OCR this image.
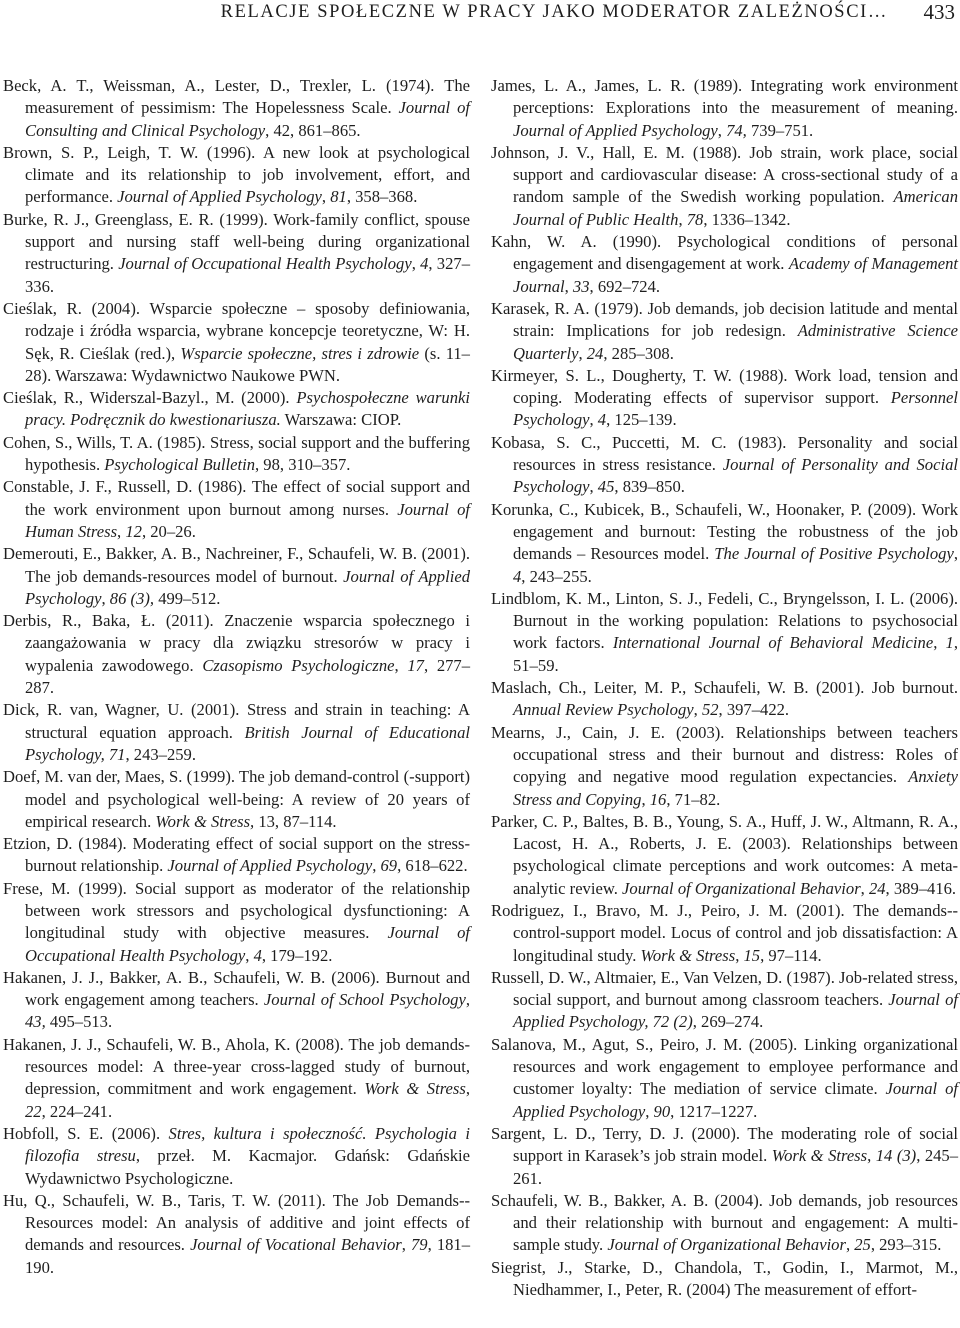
RELACJE SPOŁECZNE W PRACY JAKO MODERATOR ZALEŻNOŚCI… 433

Beck, A. T., Weissman, A., Lester, D., Trexler, L. (1974). The measurement of pessimism: The Hopelessness Scale. Journal of Consulting and Clinical Psychology, 42, 861–865.

Brown, S. P., Leigh, T. W. (1996). A new look at psychological climate and its relationship to job involvement, effort, and performance. Journal of Applied Psychology, 81, 358–368.

Burke, R. J., Greenglass, E. R. (1999). Work-family conflict, spouse support and nursing staff well-being during organizational restructuring. Journal of Occupational Health Psychology, 4, 327–336.

Cieślak, R. (2004). Wsparcie społeczne – sposoby definiowania, rodzaje i źródła wsparcia, wybrane koncepcje teoretyczne, W: H. Sęk, R. Cieślak (red.), Wsparcie społeczne, stres i zdrowie (s. 11–28). Warszawa: Wydawnictwo Naukowe PWN.

Cieślak, R., Widerszal-Bazyl., M. (2000). Psychospołeczne warunki pracy. Podręcznik do kwestionariusza. Warszawa: CIOP.

Cohen, S., Wills, T. A. (1985). Stress, social support and the buffering hypothesis. Psychological Bulletin, 98, 310–357.

Constable, J. F., Russell, D. (1986). The effect of social support and the work environment upon burnout among nurses. Journal of Human Stress, 12, 20–26.

Demerouti, E., Bakker, A. B., Nachreiner, F., Schaufeli, W. B. (2001). The job demands-resources model of burnout. Journal of Applied Psychology, 86 (3), 499–512.

Derbis, R., Baka, Ł. (2011). Znaczenie wsparcia społecznego i zaangażowania w pracy dla związku stresorów w pracy i wypalenia zawodowego. Czasopismo Psychologiczne, 17, 277–287.

Dick, R. van, Wagner, U. (2001). Stress and strain in teaching: A structural equation approach. British Journal of Educational Psychology, 71, 243–259.

Doef, M. van der, Maes, S. (1999). The job demand-control (-support) model and psychological well-being: A review of 20 years of empirical research. Work & Stress, 13, 87–114.

Etzion, D. (1984). Moderating effect of social support on the stress-burnout relationship. Journal of Applied Psychology, 69, 618–622.

Frese, M. (1999). Social support as moderator of the relationship between work stressors and psychological dysfunctioning: A longitudinal study with objective measures. Journal of Occupational Health Psychology, 4, 179–192.

Hakanen, J. J., Bakker, A. B., Schaufeli, W. B. (2006). Burnout and work engagement among teachers. Journal of School Psychology, 43, 495–513.

Hakanen, J. J., Schaufeli, W. B., Ahola, K. (2008). The job demands-resources model: A three-year cross-lagged study of burnout, depression, commitment and work engagement. Work & Stress, 22, 224–241.

Hobfoll, S. E. (2006). Stres, kultura i społeczność. Psychologia i filozofia stresu, przeł. M. Kacmajor. Gdańsk: Gdańskie Wydawnictwo Psychologiczne.

Hu, Q., Schaufeli, W. B., Taris, T. W. (2011). The Job Demands--Resources model: An analysis of additive and joint effects of demands and resources. Journal of Vocational Behavior, 79, 181–190.

James, L. A., James, L. R. (1989). Integrating work environment perceptions: Explorations into the measurement of meaning. Journal of Applied Psychology, 74, 739–751.

Johnson, J. V., Hall, E. M. (1988). Job strain, work place, social support and cardiovascular disease: A cross-sectional study of a random sample of the Swedish working population. American Journal of Public Health, 78, 1336–1342.

Kahn, W. A. (1990). Psychological conditions of personal engagement and disengagement at work. Academy of Management Journal, 33, 692–724.

Karasek, R. A. (1979). Job demands, job decision latitude and mental strain: Implications for job redesign. Administrative Science Quarterly, 24, 285–308.

Kirmeyer, S. L., Dougherty, T. W. (1988). Work load, tension and coping. Moderating effects of supervisor support. Personnel Psychology, 4, 125–139.

Kobasa, S. C., Puccetti, M. C. (1983). Personality and social resources in stress resistance. Journal of Personality and Social Psychology, 45, 839–850.

Korunka, C., Kubicek, B., Schaufeli, W., Hoonaker, P. (2009). Work engagement and burnout: Testing the robustness of the job demands – Resources model. The Journal of Positive Psychology, 4, 243–255.

Lindblom, K. M., Linton, S. J., Fedeli, C., Bryngelsson, I. L. (2006). Burnout in the working population: Relations to psychosocial work factors. International Journal of Behavioral Medicine, 1, 51–59.

Maslach, Ch., Leiter, M. P., Schaufeli, W. B. (2001). Job burnout. Annual Review Psychology, 52, 397–422.

Mearns, J., Cain, J. E. (2003). Relationships between teachers occupational stress and their burnout and distress: Roles of copying and negative mood regulation expectancies. Anxiety Stress and Copying, 16, 71–82.

Parker, C. P., Baltes, B. B., Young, S. A., Huff, J. W., Altmann, R. A., Lacost, H. A., Roberts, J. E. (2003). Relationships between psychological climate perceptions and work outcomes: A meta-analytic review. Journal of Organizational Behavior, 24, 389–416.

Rodriguez, I., Bravo, M. J., Peiro, J. M. (2001). The demands--control-support model. Locus of control and job dissatisfaction: A longitudinal study. Work & Stress, 15, 97–114.

Russell, D. W., Altmaier, E., Van Velzen, D. (1987). Job-related stress, social support, and burnout among classroom teachers. Journal of Applied Psychology, 72 (2), 269–274.

Salanova, M., Agut, S., Peiro, J. M. (2005). Linking organizational resources and work engagement to employee performance and customer loyalty: The mediation of service climate. Journal of Applied Psychology, 90, 1217–1227.

Sargent, L. D., Terry, D. J. (2000). The moderating role of social support in Karasek’s job strain model. Work & Stress, 14 (3), 245–261.

Schaufeli, W. B., Bakker, A. B. (2004). Job demands, job resources and their relationship with burnout and engagement: A multi-sample study. Journal of Organizational Behavior, 25, 293–315.

Siegrist, J., Starke, D., Chandola, T., Godin, I., Marmot, M., Niedhammer, I., Peter, R. (2004) The measurement of effort-
